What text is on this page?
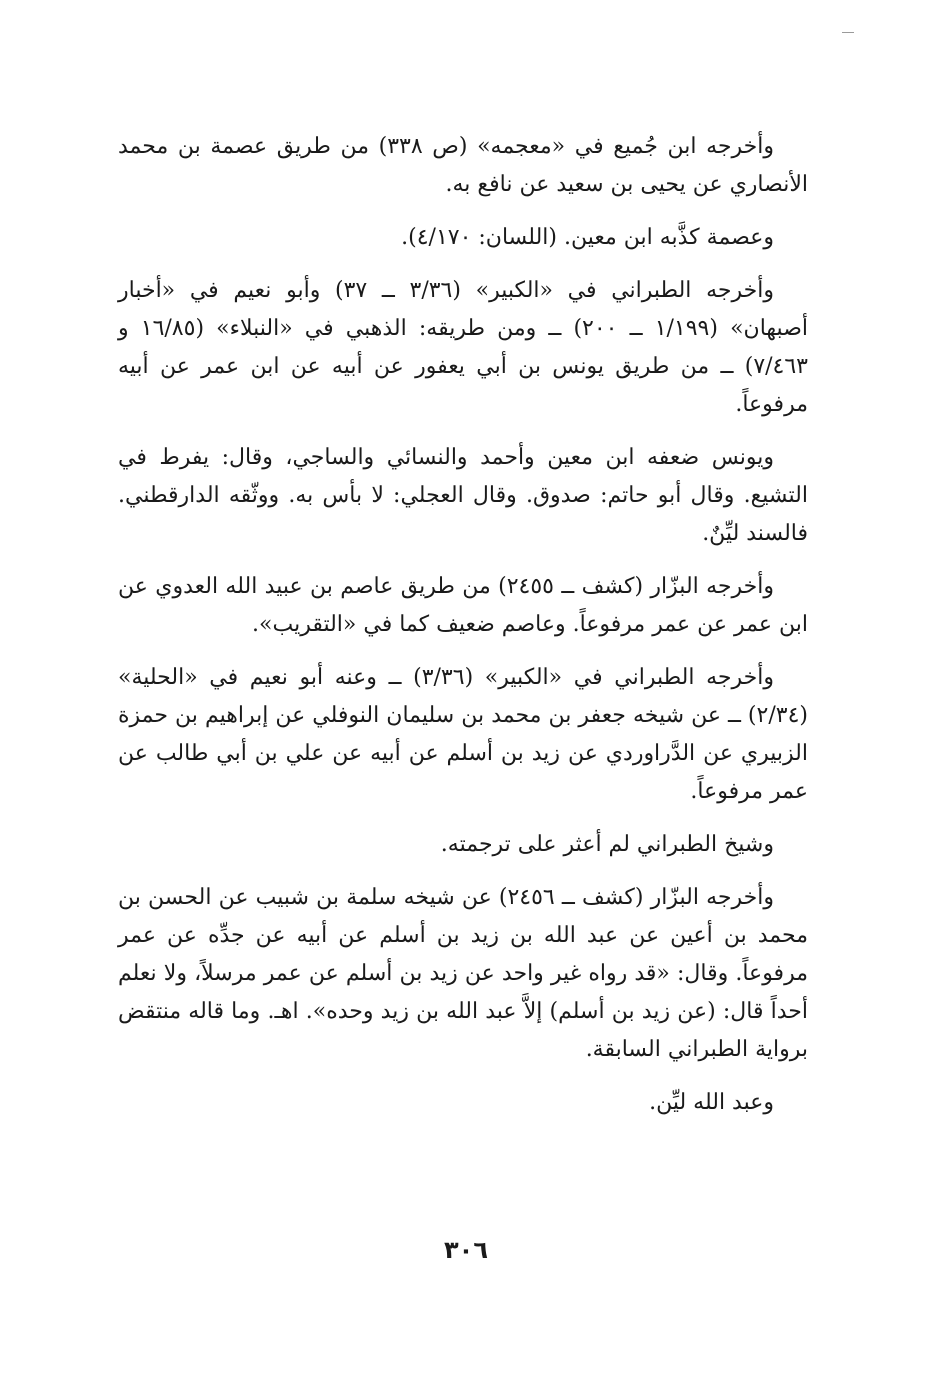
وأخرجه ابن جُميع في «معجمه» (ص ٣٣٨) من طريق عصمة بن محمد الأنصاري عن يحيى بن سعيد عن نافع به.

وعصمة كذَّبه ابن معين. (اللسان: ٤/١٧٠).

وأخرجه الطبراني في «الكبير» (٣/٣٦ ــ ٣٧) وأبو نعيم في «أخبار أصبهان» (١/١٩٩ ــ ٢٠٠) ــ ومن طريقه: الذهبي في «النبلاء» (١٦/٨٥ و ٧/٤٦٣) ــ من طريق يونس بن أبي يعفور عن أبيه عن ابن عمر عن أبيه مرفوعاً.

ويونس ضعفه ابن معين وأحمد والنسائي والساجي، وقال: يفرط في التشيع. وقال أبو حاتم: صدوق. وقال العجلي: لا بأس به. ووثّقه الدارقطني. فالسند ليِّنٌ.

وأخرجه البزّار (كشف ــ ٢٤٥٥) من طريق عاصم بن عبيد الله العدوي عن ابن عمر عن عمر مرفوعاً. وعاصم ضعيف كما في «التقريب».

وأخرجه الطبراني في «الكبير» (٣/٣٦) ــ وعنه أبو نعيم في «الحلية» (٢/٣٤) ــ عن شيخه جعفر بن محمد بن سليمان النوفلي عن إبراهيم بن حمزة الزبيري عن الدَّراوردي عن زيد بن أسلم عن أبيه عن علي بن أبي طالب عن عمر مرفوعاً.

وشيخ الطبراني لم أعثر على ترجمته.

وأخرجه البزّار (كشف ــ ٢٤٥٦) عن شيخه سلمة بن شبيب عن الحسن بن محمد بن أعين عن عبد الله بن زيد بن أسلم عن أبيه عن جدِّه عن عمر مرفوعاً. وقال: «قد رواه غير واحد عن زيد بن أسلم عن عمر مرسلاً، ولا نعلم أحداً قال: (عن زيد بن أسلم) إلاَّ عبد الله بن زيد وحده». اهـ. وما قاله منتقض برواية الطبراني السابقة.

وعبد الله ليِّن.

٣٠٦
